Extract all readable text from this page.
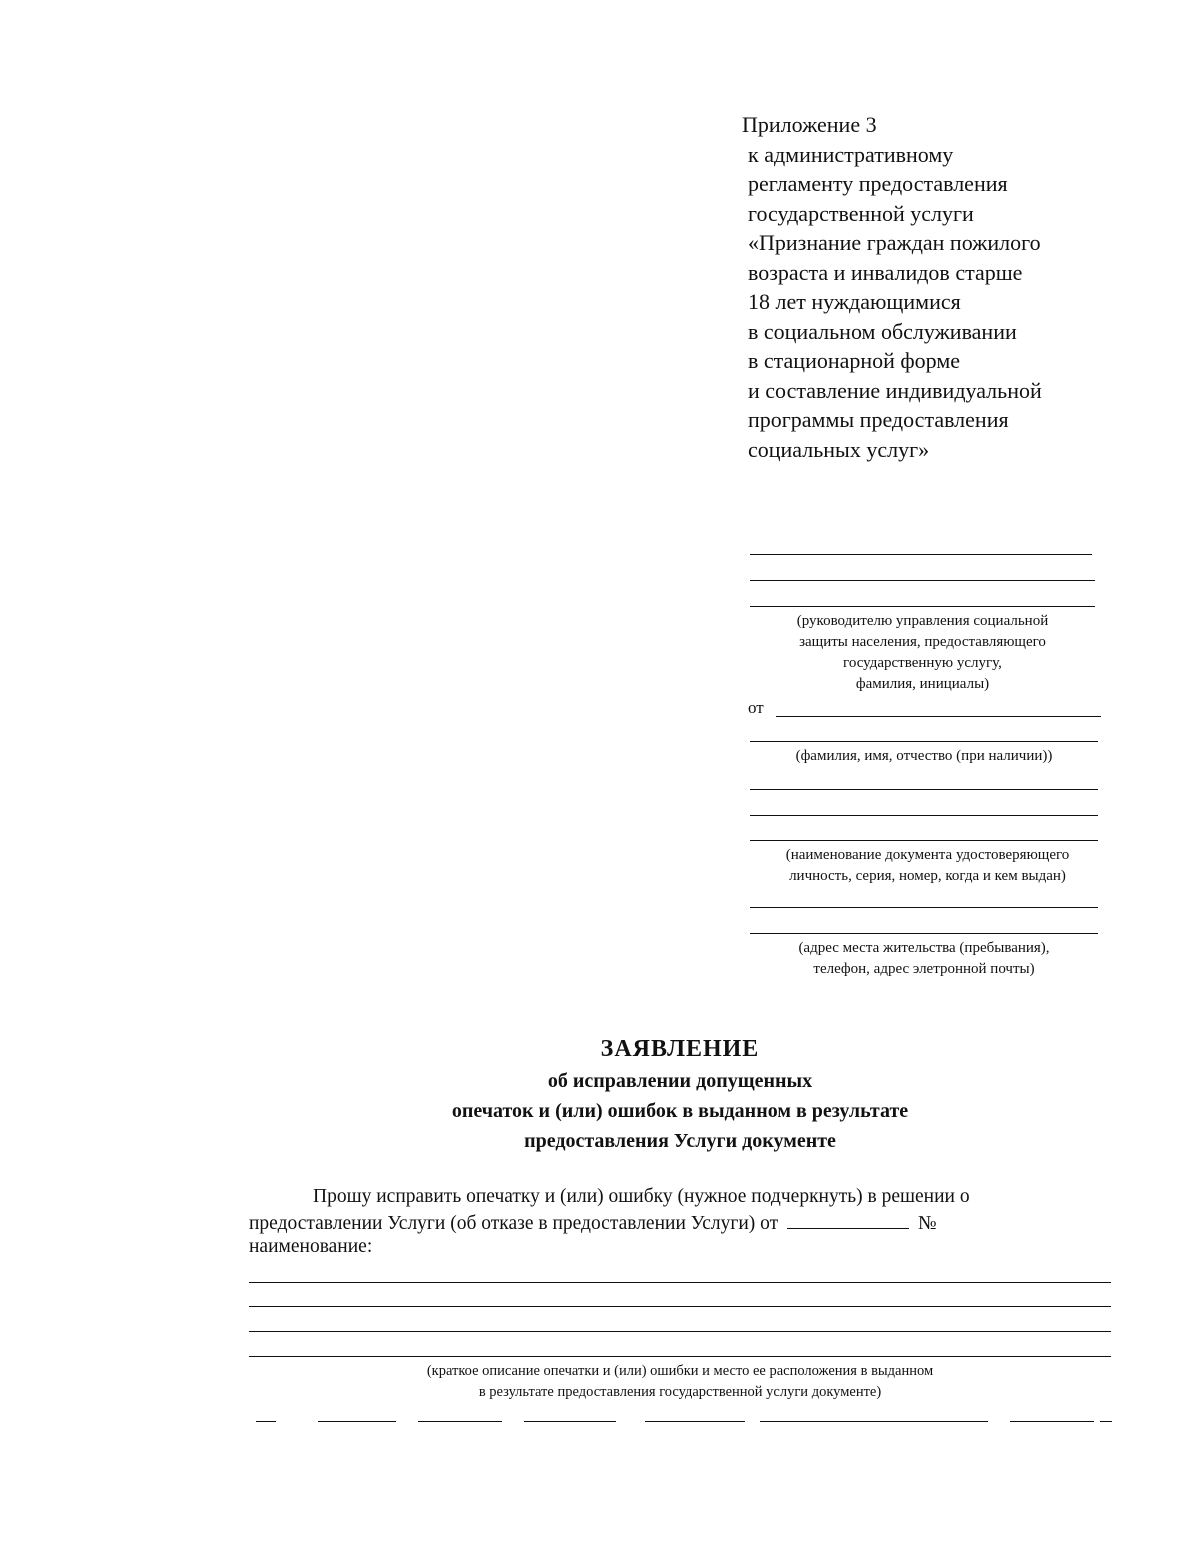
Приложение 3
к административному
регламенту предоставления
государственной услуги
«Признание граждан пожилого
возраста и инвалидов старше
18 лет нуждающимися
в социальном обслуживании
в стационарной форме
и составление индивидуальной
программы предоставления
социальных услуг»
(руководителю управления социальной
защиты населения, предоставляющего
государственную услугу,
фамилия, инициалы)
от
(фамилия, имя, отчество (при наличии))
(наименование документа удостоверяющего
личность, серия, номер, когда и кем выдан)
(адрес места жительства (пребывания),
телефон, адрес элетронной почты)
ЗАЯВЛЕНИЕ
об исправлении допущенных
опечаток и (или) ошибок в выданном в результате
предоставления Услуги документе
Прошу исправить опечатку и (или) ошибку (нужное подчеркнуть) в решении о
предоставлении Услуги (об отказе в предоставлении Услуги) от	№
наименование:
(краткое описание опечатки и (или) ошибки и место ее расположения в выданном
в результате предоставления государственной услуги документе)
